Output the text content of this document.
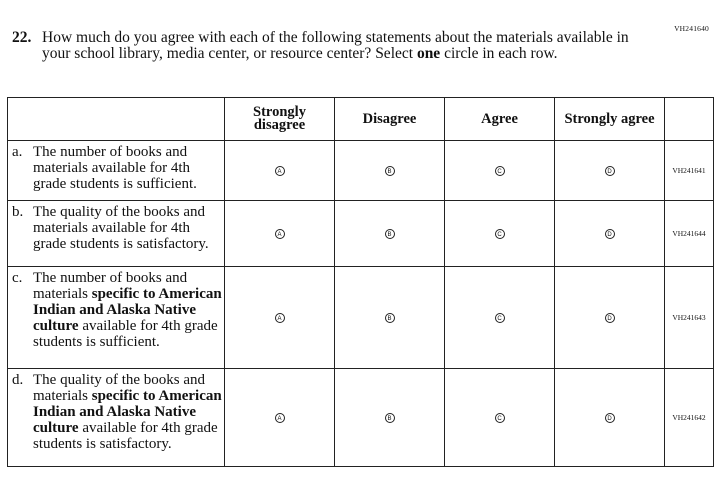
VH241640
22. How much do you agree with each of the following statements about the materials available in your school library, media center, or resource center? Select one circle in each row.
	Strongly disagree	Disagree	Agree	Strongly agree	

a. The number of books and materials available for 4th grade students is sufficient.	A	B	C	D	VH241641

b. The quality of the books and materials available for 4th grade students is satisfactory.	A	B	C	D	VH241644

c. The number of books and materials specific to American Indian and Alaska Native culture available for 4th grade students is sufficient.	A	B	C	D	VH241643

d. The quality of the books and materials specific to American Indian and Alaska Native culture available for 4th grade students is satisfactory.	A	B	C	D	VH241642
